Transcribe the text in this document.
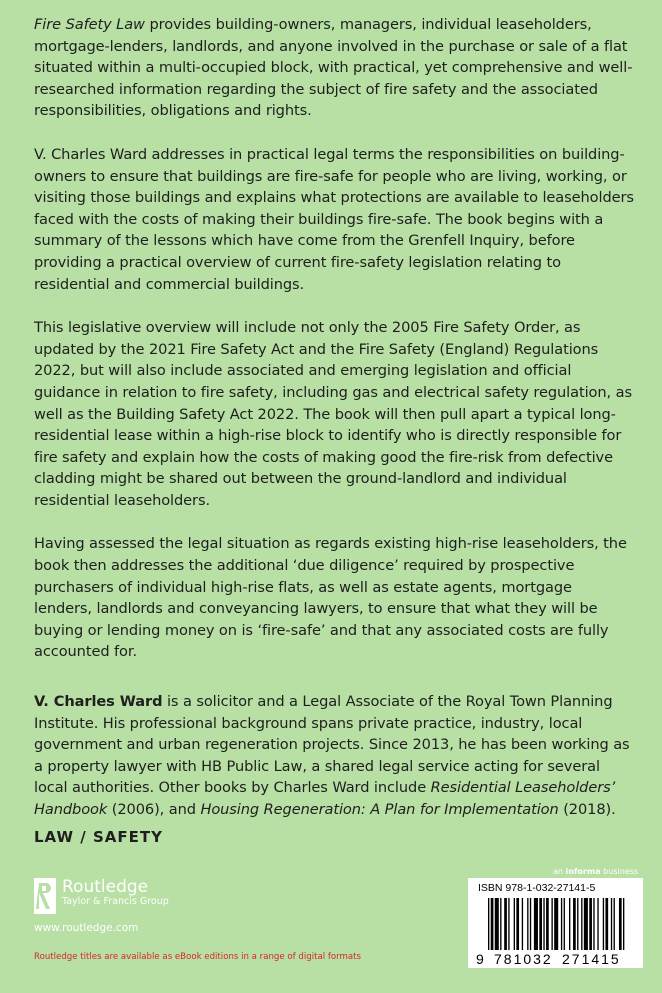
Fire Safety Law provides building-owners, managers, individual leaseholders, mortgage-lenders, landlords, and anyone involved in the purchase or sale of a flat situated within a multi-occupied block, with practical, yet comprehensive and well-researched information regarding the subject of fire safety and the associated responsibilities, obligations and rights.

V. Charles Ward addresses in practical legal terms the responsibilities on building-owners to ensure that buildings are fire-safe for people who are living, working, or visiting those buildings and explains what protections are available to leaseholders faced with the costs of making their buildings fire-safe. The book begins with a summary of the lessons which have come from the Grenfell Inquiry, before providing a practical overview of current fire-safety legislation relating to residential and commercial buildings.

This legislative overview will include not only the 2005 Fire Safety Order, as updated by the 2021 Fire Safety Act and the Fire Safety (England) Regulations 2022, but will also include associated and emerging legislation and official guidance in relation to fire safety, including gas and electrical safety regulation, as well as the Building Safety Act 2022. The book will then pull apart a typical long-residential lease within a high-rise block to identify who is directly responsible for fire safety and explain how the costs of making good the fire-risk from defective cladding might be shared out between the ground-landlord and individual residential leaseholders.

Having assessed the legal situation as regards existing high-rise leaseholders, the book then addresses the additional ‘due diligence’ required by prospective purchasers of individual high-rise flats, as well as estate agents, mortgage lenders, landlords and conveyancing lawyers, to ensure that what they will be buying or lending money on is ‘fire-safe’ and that any associated costs are fully accounted for.

V. Charles Ward is a solicitor and a Legal Associate of the Royal Town Planning Institute. His professional background spans private practice, industry, local government and urban regeneration projects. Since 2013, he has been working as a property lawyer with HB Public Law, a shared legal service acting for several local authorities. Other books by Charles Ward include Residential Leaseholders’ Handbook (2006), and Housing Regeneration: A Plan for Implementation (2018).

LAW / SAFETY
Routledge
Taylor & Francis Group
www.routledge.com
an informa business
ISBN 978-1-032-27141-5
9 781032 271415
Routledge titles are available as eBook editions in a range of digital formats
